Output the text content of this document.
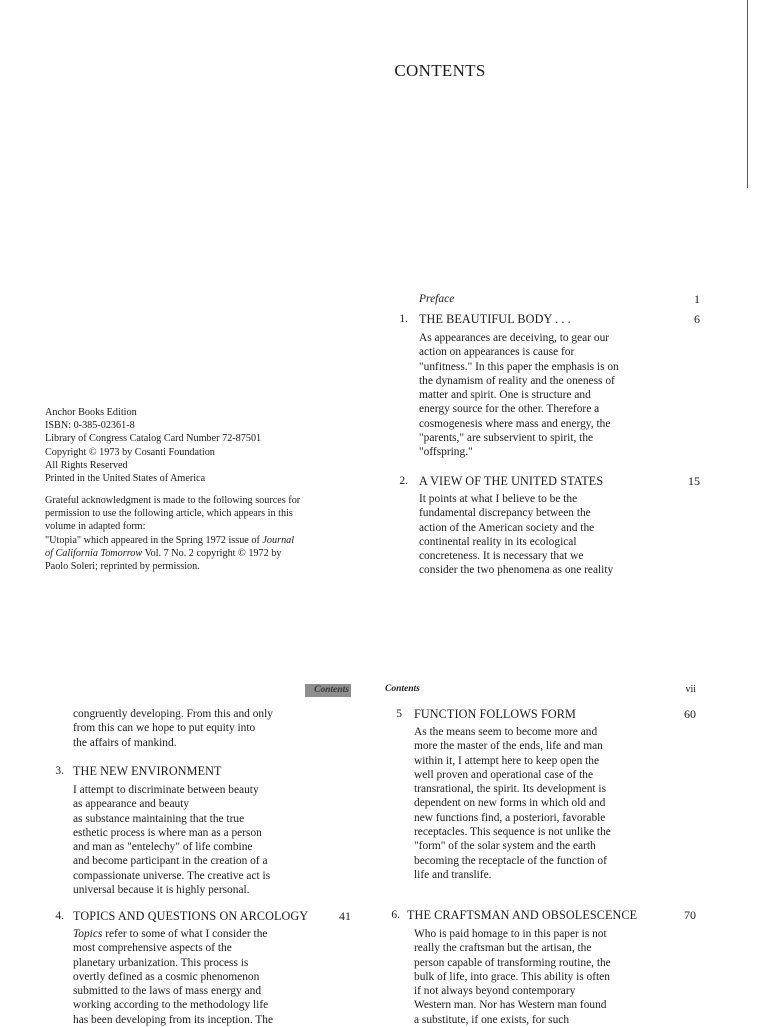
CONTENTS
Anchor Books Edition
ISBN: 0-385-02361-8
Library of Congress Catalog Card Number 72-87501
Copyright © 1973 by Cosanti Foundation
All Rights Reserved
Printed in the United States of America
Grateful acknowledgment is made to the following sources for
permission to use the following article, which appears in this
volume in adapted form:
"Utopia" which appeared in the Spring 1972 issue of Journal
of California Tomorrow Vol. 7 No. 2 copyright © 1972 by
Paolo Soleri; reprinted by permission.
Preface	1
1. THE BEAUTIFUL BODY . . .	6
As appearances are deceiving, to gear our
action on appearances is cause for
"unfitness." In this paper the emphasis is on
the dynamism of reality and the oneness of
matter and spirit. One is structure and
energy source for the other. Therefore a
cosmogenesis where mass and energy, the
"parents," are subservient to spirit, the
"offspring."
2. A VIEW OF THE UNITED STATES	15
It points at what I believe to be the
fundamental discrepancy between the
action of the American society and the
continental reality in its ecological
concreteness. It is necessary that we
consider the two phenomena as one reality
Contents	Contents	vii
congruently developing. From this and only
from this can we hope to put equity into
the affairs of mankind.
3. THE NEW ENVIRONMENT
I attempt to discriminate between beauty
as appearance and beauty
as substance maintaining that the true
esthetic process is where man as a person
and man as "entelechy" of life combine
and become participant in the creation of a
compassionate universe. The creative act is
universal because it is highly personal.
4. TOPICS AND QUESTIONS ON ARCOLOGY	41
Topics refer to some of what I consider the
most comprehensive aspects of the
planetary urbanization. This process is
overtly defined as a cosmic phenomenon
submitted to the laws of mass energy and
working according to the methodology life
has been developing from its inception. The
5 FUNCTION FOLLOWS FORM	60
As the means seem to become more and
more the master of the ends, life and man
within it, I attempt here to keep open the
well proven and operational case of the
transrational, the spirit. Its development is
dependent on new forms in which old and
new functions find, a posteriori, favorable
receptacles. This sequence is not unlike the
"form" of the solar system and the earth
becoming the receptacle of the function of
life and translife.
6. THE CRAFTSMAN AND OBSOLESCENCE	70
Who is paid homage to in this paper is not
really the craftsman but the artisan, the
person capable of transforming routine, the
bulk of life, into grace. This ability is often
if not always beyond contemporary
Western man. Nor has Western man found
a substitute, if one exists, for such
